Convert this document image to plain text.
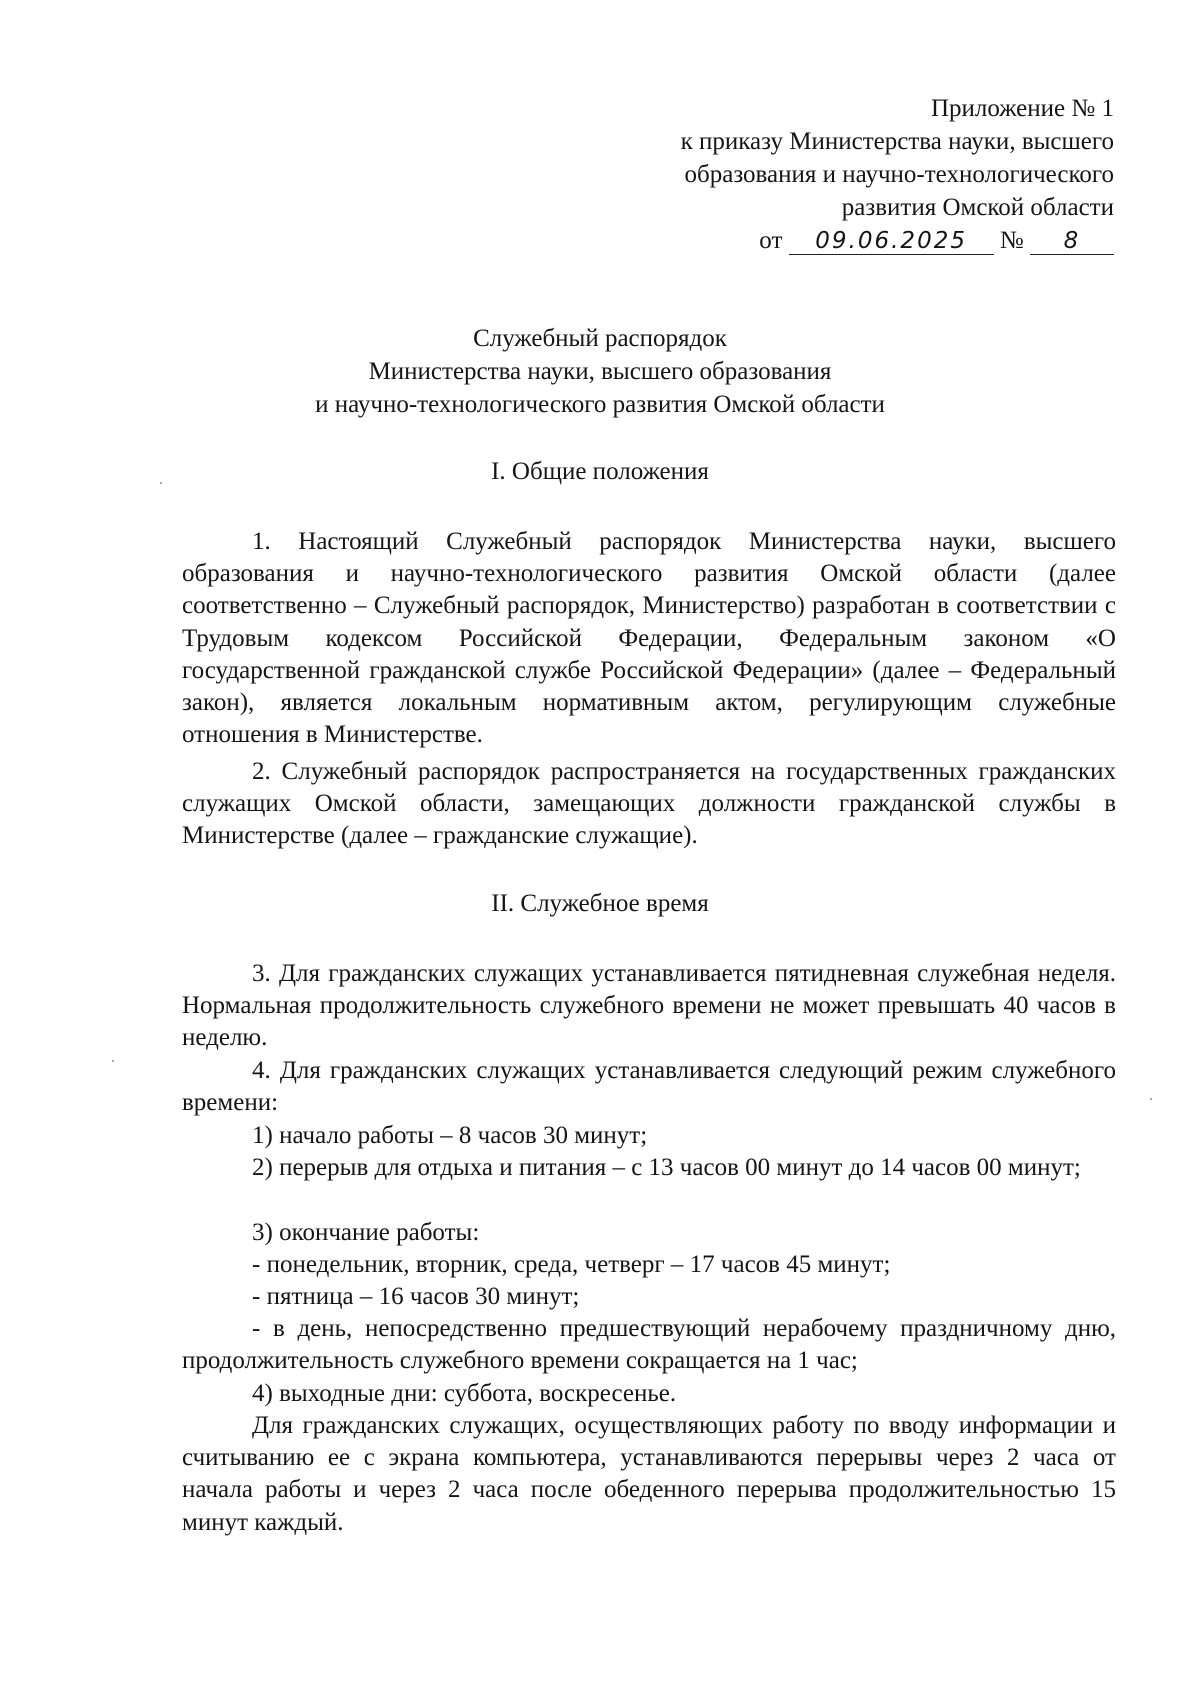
Приложение № 1
к приказу Министерства науки, высшего
образования и научно-технологического
развития Омской области
от 09.06.2025 № 8
Служебный распорядок
Министерства науки, высшего образования
и научно-технологического развития Омской области
I. Общие положения

1. Настоящий Служебный распорядок Министерства науки, высшего образования и научно-технологического развития Омской области (далее соответственно – Служебный распорядок, Министерство) разработан в соответствии с Трудовым кодексом Российской Федерации, Федеральным законом «О государственной гражданской службе Российской Федерации» (далее – Федеральный закон), является локальным нормативным актом, регулирующим служебные отношения в Министерстве.

2. Служебный распорядок распространяется на государственных гражданских служащих Омской области, замещающих должности гражданской службы в Министерстве (далее – гражданские служащие).

II. Служебное время

3. Для гражданских служащих устанавливается пятидневная служебная неделя. Нормальная продолжительность служебного времени не может превышать 40 часов в неделю.

4. Для гражданских служащих устанавливается следующий режим служебного времени:

1) начало работы – 8 часов 30 минут;

2) перерыв для отдыха и питания – с 13 часов 00 минут до 14 часов 00 минут;

3) окончание работы:

- понедельник, вторник, среда, четверг – 17 часов 45 минут;

- пятница – 16 часов 30 минут;

- в день, непосредственно предшествующий нерабочему праздничному дню, продолжительность служебного времени сокращается на 1 час;

4) выходные дни: суббота, воскресенье.

Для гражданских служащих, осуществляющих работу по вводу информации и считыванию ее с экрана компьютера, устанавливаются перерывы через 2 часа от начала работы и через 2 часа после обеденного перерыва продолжительностью 15 минут каждый.
